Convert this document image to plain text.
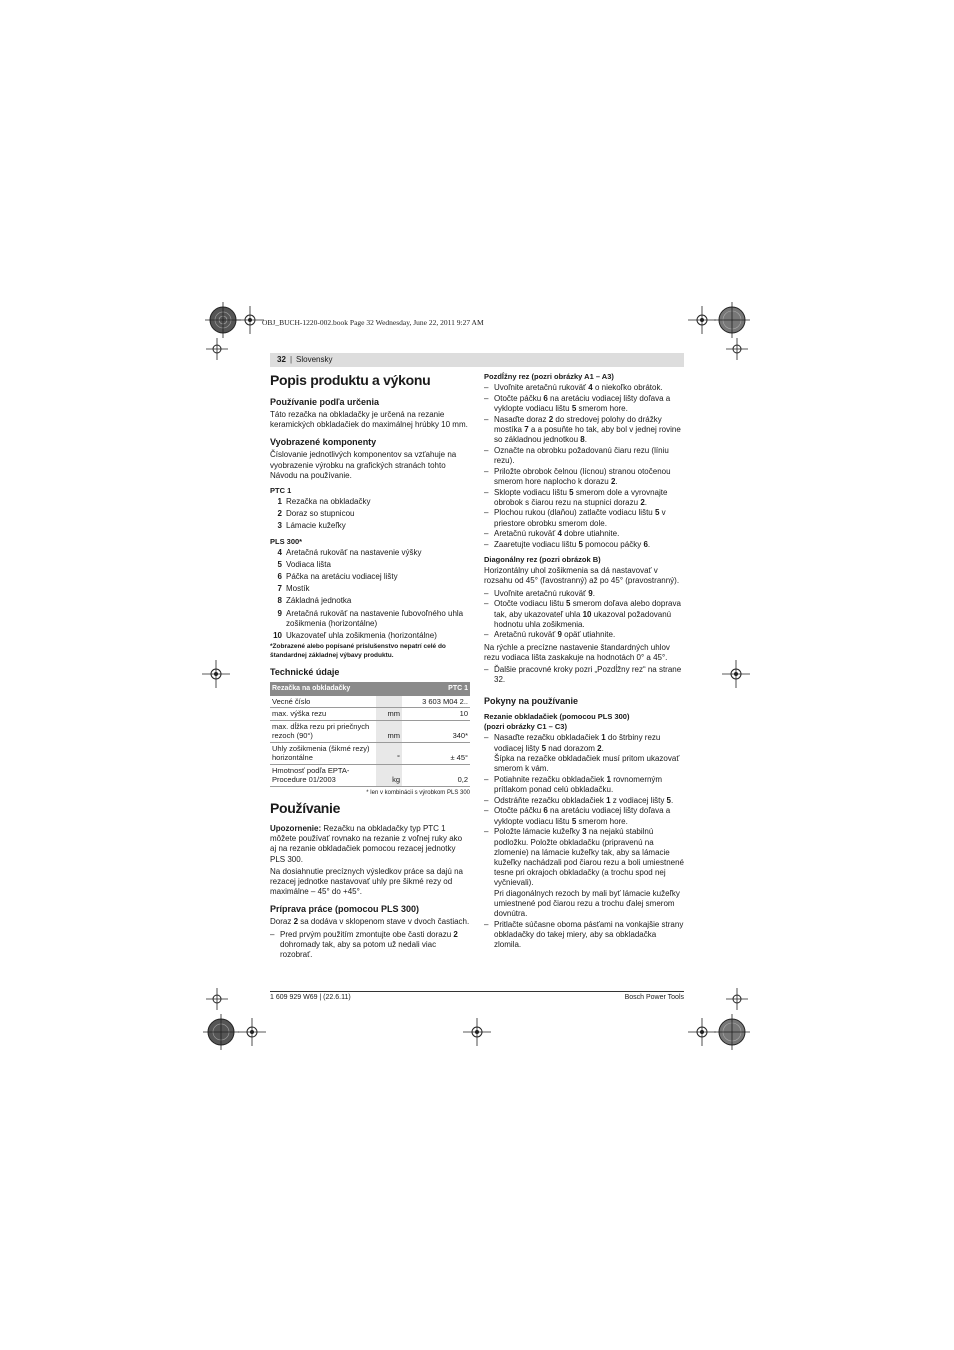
OBJ_BUCH-1220-002.book Page 32 Wednesday, June 22, 2011 9:27 AM
32 | Slovensky
Popis produktu a výkonu
Používanie podľa určenia

Táto rezačka na obkladačky je určená na rezanie keramických obkladačiek do maximálnej hrúbky 10 mm.

Vyobrazené komponenty

Číslovanie jednotlivých komponentov sa vzťahuje na vyobrazenie výrobku na grafických stranách tohto Návodu na používanie.

PTC 1
1 Rezačka na obkladačky
2 Doraz so stupnicou
3 Lámacie kužeľky
PLS 300*
4 Aretačná rukoväť na nastavenie výšky
5 Vodiaca lišta
6 Páčka na aretáciu vodiacej lišty
7 Mostík
8 Základná jednotka
9 Aretačná rukoväť na nastavenie ľubovoľného uhla zošikmenia (horizontálne)
10 Ukazovateľ uhla zošikmenia (horizontálne)
*Zobrazené alebo popísané príslušenstvo nepatrí celé do štandardnej základnej výbavy produktu.
Technické údaje
Rezačka na obkladačky		PTC 1
Vecné číslo		3 603 M04 2..
max. výška rezu	mm	10
max. dĺžka rezu pri priečnych rezoch (90°)	mm	340*
Uhly zošikmenia (šikmé rezy) horizontálne	°	± 45°
Hmotnosť podľa EPTA-Procedure 01/2003	kg	0,2
* len v kombinácii s výrobkom PLS 300
Používanie

Upozornenie: Rezačku na obkladačky typ PTC 1 môžete používať rovnako na rezanie z voľnej ruky ako aj na rezanie obkladačiek pomocou rezacej jednotky PLS 300.

Na dosiahnutie precíznych výsledkov práce sa dajú na rezacej jednotke nastavovať uhly pre šikmé rezy od maximálne – 45° do +45°.

Príprava práce (pomocou PLS 300)

Doraz 2 sa dodáva v sklopenom stave v dvoch častiach.

– Pred prvým použitím zmontujte obe časti dorazu 2 dohromady tak, aby sa potom už nedali viac rozobrať.
Pozdĺžny rez (pozri obrázky A1 – A3)
– Uvoľnite aretačnú rukoväť 4 o niekoľko obrátok.
– Otočte páčku 6 na aretáciu vodiacej lišty doľava a vyklopte vodiacu lištu 5 smerom hore.
– Nasaďte doraz 2 do stredovej polohy do drážky mostíka 7 a a posuňte ho tak, aby bol v jednej rovine so základnou jednotkou 8.
– Označte na obrobku požadovanú čiaru rezu (líniu rezu).
– Priložte obrobok čelnou (lícnou) stranou otočenou smerom hore naplocho k dorazu 2.
– Sklopte vodiacu lištu 5 smerom dole a vyrovnajte obrobok s čiarou rezu na stupnici dorazu 2.
– Plochou rukou (dlaňou) zatlačte vodiacu lištu 5 v priestore obrobku smerom dole.
– Aretačnú rukoväť 4 dobre utiahnite.
– Zaaretujte vodiacu lištu 5 pomocou páčky 6.
Diagonálny rez (pozri obrázok B)

Horizontálny uhol zošikmenia sa dá nastavovať v rozsahu od 45° (ľavostranný) až po 45° (pravostranný).

– Uvoľnite aretačnú rukoväť 9.
– Otočte vodiacu lištu 5 smerom doľava alebo doprava tak, aby ukazovateľ uhla 10 ukazoval požadovanú hodnotu uhla zošikmenia.
– Aretačnú rukoväť 9 opäť utiahnite.

Na rýchle a precízne nastavenie štandardných uhlov rezu vodiaca lišta zaskakuje na hodnotách 0° a 45°.

– Ďalšie pracovné kroky pozri „Pozdĺžny rez“ na strane 32.
Pokyny na používanie
Rezanie obkladačiek (pomocou PLS 300)
(pozri obrázky C1 – C3)
– Nasaďte rezačku obkladačiek 1 do štrbiny rezu vodiacej lišty 5 nad dorazom 2.
Šípka na rezačke obkladačiek musí pritom ukazovať smerom k vám.
– Potiahnite rezačku obkladačiek 1 rovnomerným prítlakom ponad celú obkladačku.
– Odstráňte rezačku obkladačiek 1 z vodiacej lišty 5.
– Otočte páčku 6 na aretáciu vodiacej lišty doľava a vyklopte vodiacu lištu 5 smerom hore.
– Položte lámacie kužeľky 3 na nejakú stabilnú podložku. Položte obkladačku (pripravenú na zlomenie) na lámacie kužeľky tak, aby sa lámacie kužeľky nachádzali pod čiarou rezu a boli umiestnené tesne pri okrajoch obkladačky (a trochu spod nej vyčnievali).
Pri diagonálnych rezoch by mali byť lámacie kužeľky umiestnené pod čiarou rezu a trochu ďalej smerom dovnútra.
– Pritlačte súčasne oboma pásťami na vonkajšie strany obkladačky do takej miery, aby sa obkladačka zlomila.
1 609 929 W69 | (22.6.11)	Bosch Power Tools
